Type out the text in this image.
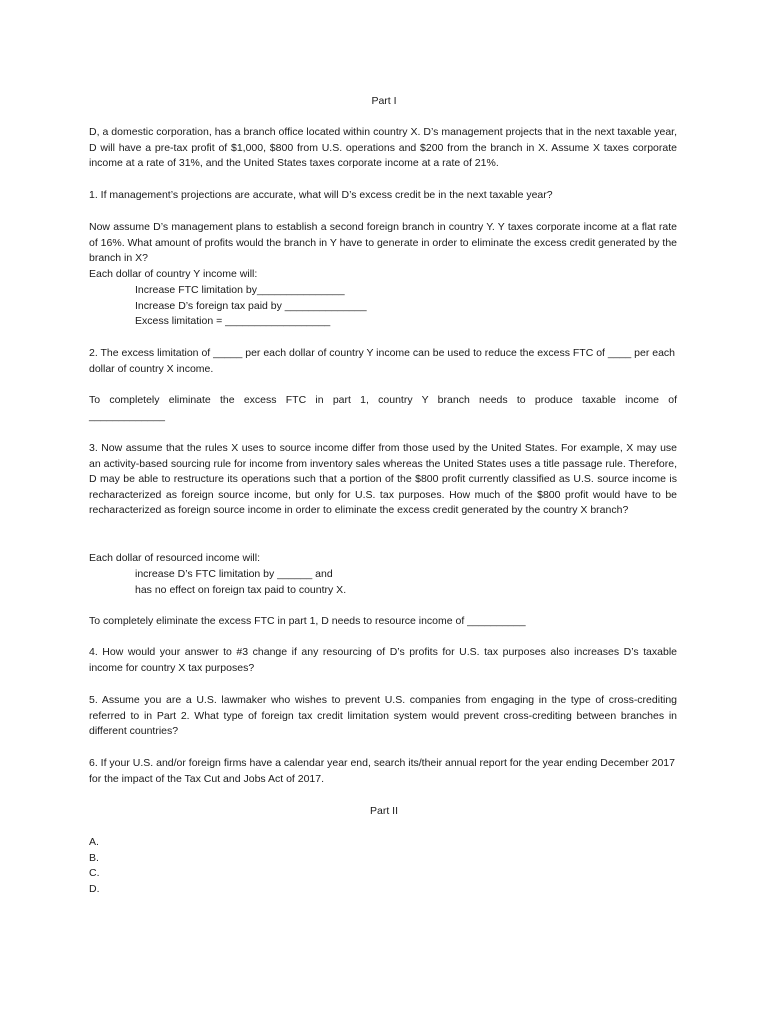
Part I
D, a domestic corporation, has a branch office located within country X. D’s management projects that in the next taxable year, D will have a pre-tax profit of $1,000, $800 from U.S. operations and $200 from the branch in X. Assume X taxes corporate income at a rate of 31%, and the United States taxes corporate income at a rate of 21%.
1. If management’s projections are accurate, what will D’s excess credit be in the next taxable year?
Now assume D’s management plans to establish a second foreign branch in country Y. Y taxes corporate income at a flat rate of 16%. What amount of profits would the branch in Y have to generate in order to eliminate the excess credit generated by the branch in X?
Each dollar of country Y income will:
Increase FTC limitation by_______________
Increase D’s foreign tax paid by ______________
Excess limitation = __________________
2. The excess limitation of _____ per each dollar of country Y income can be used to reduce the excess FTC of ____ per each dollar of country X income.
To completely eliminate the excess FTC in part 1, country Y branch needs to produce taxable income of
_____________
3. Now assume that the rules X uses to source income differ from those used by the United States. For example, X may use an activity-based sourcing rule for income from inventory sales whereas the United States uses a title passage rule. Therefore, D may be able to restructure its operations such that a portion of the $800 profit currently classified as U.S. source income is recharacterized as foreign source income, but only for U.S. tax purposes. How much of the $800 profit would have to be recharacterized as foreign source income in order to eliminate the excess credit generated by the country X branch?
Each dollar of resourced income will:
increase D’s FTC limitation by ______ and
has no effect on foreign tax paid to country X.
To completely eliminate the excess FTC in part 1, D needs to resource income of __________
4. How would your answer to #3 change if any resourcing of D’s profits for U.S. tax purposes also increases D’s taxable income for country X tax purposes?
5. Assume you are a U.S. lawmaker who wishes to prevent U.S. companies from engaging in the type of cross-crediting referred to in Part 2. What type of foreign tax credit limitation system would prevent cross-crediting between branches in different countries?
6. If your U.S. and/or foreign firms have a calendar year end, search its/their annual report for the year ending December 2017 for the impact of the Tax Cut and Jobs Act of 2017.
Part II
A.
B.
C.
D.
